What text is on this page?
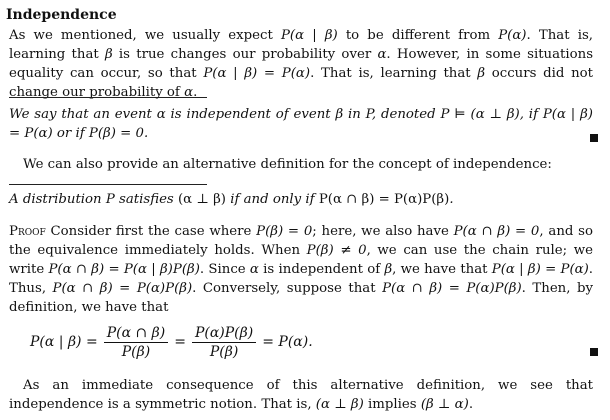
Independence

As we mentioned, we usually expect P(α | β) to be different from P(α). That is, learning that β is true changes our probability over α. However, in some situations equality can occur, so that P(α | β) = P(α). That is, learning that β occurs did not change our probability of α.

We say that an event α is independent of event β in P, denoted P ⊨ (α ⊥ β), if P(α | β) = P(α) or if P(β) = 0.

We can also provide an alternative definition for the concept of independence:

A distribution P satisfies (α ⊥ β) if and only if P(α ∩ β) = P(α)P(β).

Proof Consider first the case where P(β) = 0; here, we also have P(α ∩ β) = 0, and so the equivalence immediately holds. When P(β) ≠ 0, we can use the chain rule; we write P(α ∩ β) = P(α | β)P(β). Since α is independent of β, we have that P(α | β) = P(α). Thus, P(α ∩ β) = P(α)P(β). Conversely, suppose that P(α ∩ β) = P(α)P(β). Then, by definition, we have that

P(α | $\beta) = \frac{P(\alpha \cap \beta)}{P(\beta)} = \frac{P(\alpha)P(\beta)}{P(\beta)} = P(\alpha)$.

As an immediate consequence of this alternative definition, we see that independence is a symmetric notion. That is, (α ⊥ β) implies (β ⊥ α).
